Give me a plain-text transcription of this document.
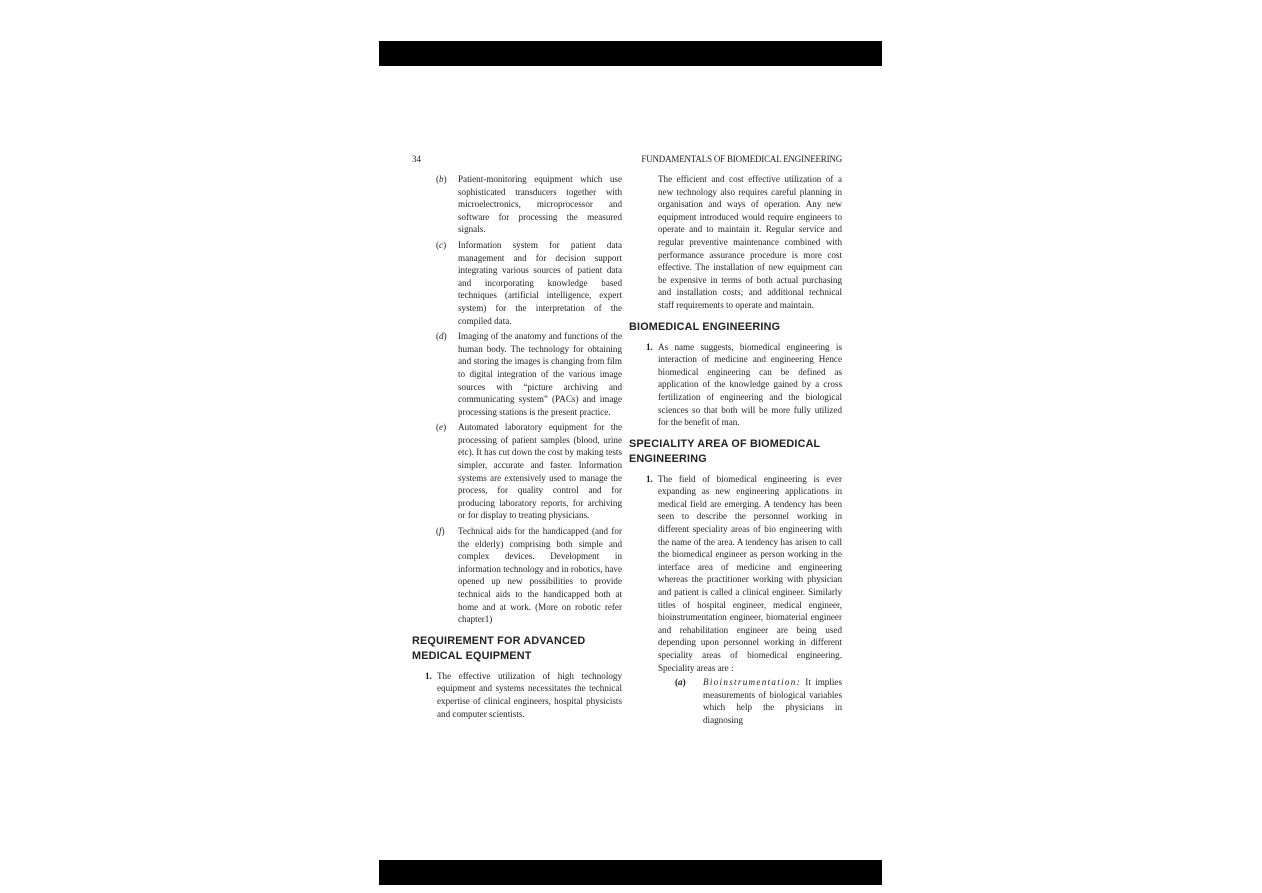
34	FUNDAMENTALS OF BIOMEDICAL ENGINEERING
(b) Patient-monitoring equipment which use sophisticated transducers together with microelectronics, microprocessor and software for processing the measured signals.
(c) Information system for patient data management and for decision support integrating various sources of patient data and incorporating knowledge based techniques (artificial intelligence, expert system) for the interpretation of the compiled data.
(d) Imaging of the anatomy and functions of the human body. The technology for obtaining and storing the images is changing from film to digital integration of the various image sources with “picture archiving and communicating system” (PACs) and image processing stations is the present practice.
(e) Automated laboratory equipment for the processing of patient samples (blood, urine etc). It has cut down the cost by making tests simpler, accurate and faster. Information systems are extensively used to manage the process, for quality control and for producing laboratory reports, for archiving or for display to treating physicians.
(f) Technical aids for the handicapped (and for the elderly) comprising both simple and complex devices. Development in information technology and in robotics, have opened up new possibilities to provide technical aids to the handicapped both at home and at work. (More on robotic refer chapter1)
REQUIREMENT FOR ADVANCED MEDICAL EQUIPMENT
1. The effective utilization of high technology equipment and systems necessitates the technical expertise of clinical engineers, hospital physicists and computer scientists.
The efficient and cost effective utilization of a new technology also requires careful planning in organisation and ways of operation. Any new equipment introduced would require engineers to operate and to maintain it. Regular service and regular preventive maintenance combined with performance assurance procedure is more cost effective. The installation of new equipment can be expensive in terms of both actual purchasing and installation costs; and additional technical staff requirements to operate and maintain.
BIOMEDICAL ENGINEERING
1. As name suggests, biomedical engineering is interaction of medicine and engineering Hence biomedical engineering can be defined as application of the knowledge gained by a cross fertilization of engineering and the biological sciences so that both will be more fully utilized for the benefit of man.
SPECIALITY AREA OF BIOMEDICAL ENGINEERING
1. The field of biomedical engineering is ever expanding as new engineering applications in medical field are emerging. A tendency has been seen to describe the personnel working in different speciality areas of bio engineering with the name of the area. A tendency has arisen to call the biomedical engineer as person working in the interface area of medicine and engineering whereas the practitioner working with physician and patient is called a clinical engineer. Similarly titles of hospital engineer, medical engineer, bioinstrumentation engineer, biomaterial engineer and rehabilitation engineer are being used depending upon personnel working in different speciality areas of biomedical engineering. Speciality areas are :
(a) Bioinstrumentation: It implies measurements of biological variables which help the physicians in diagnosing
